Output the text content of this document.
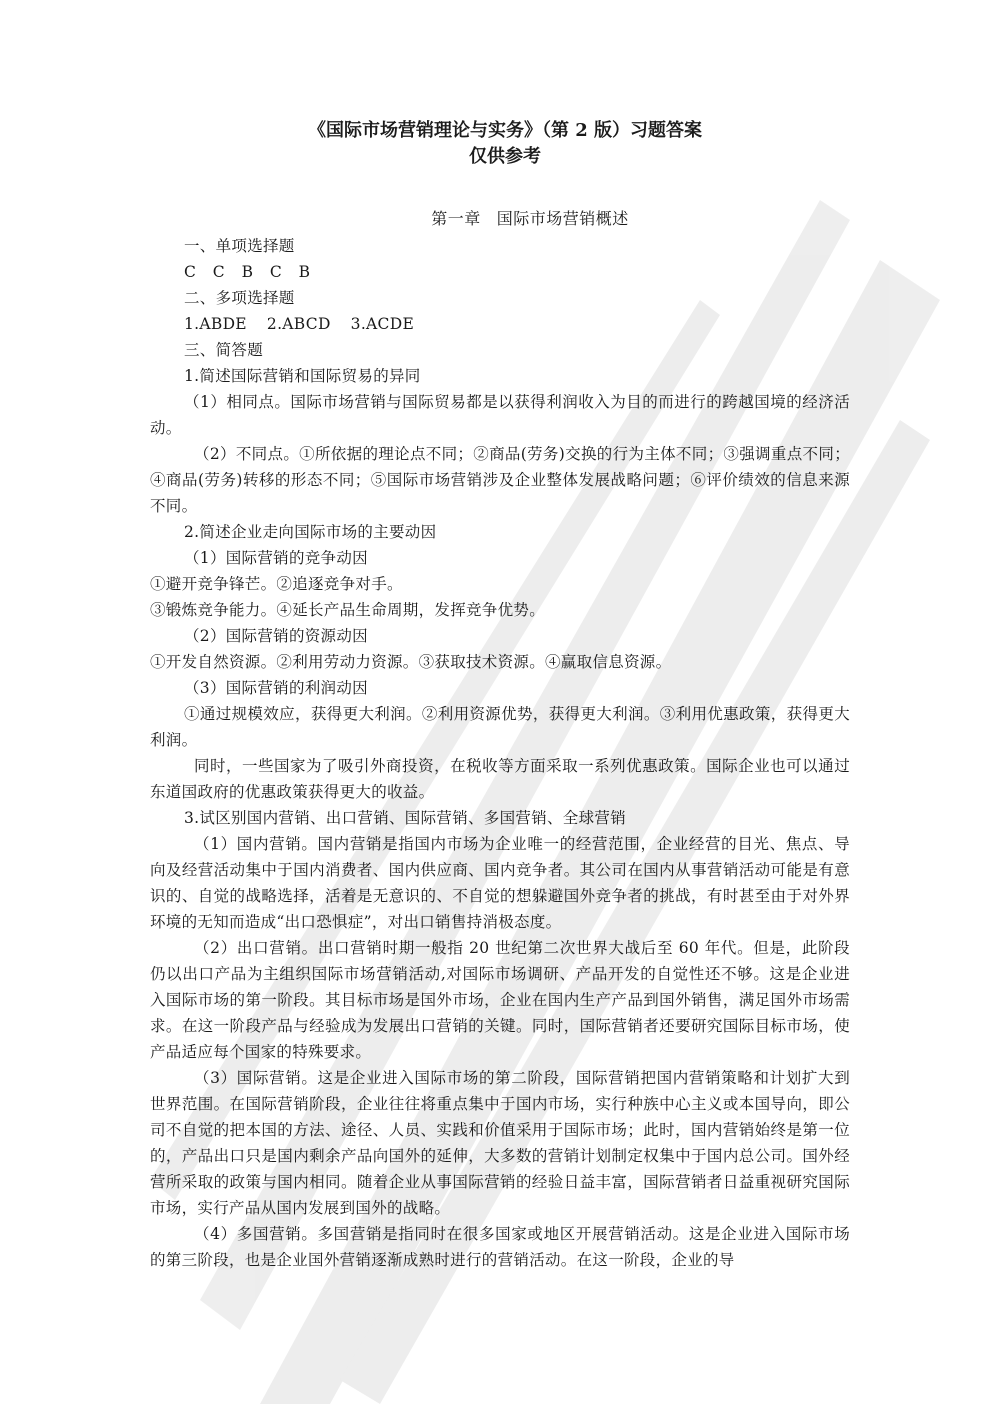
《国际市场营销理论与实务》（第 2 版）习题答案
仅供参考
第一章 国际市场营销概述
一、单项选择题
C C B C B
二、多项选择题
1.ABDE 2.ABCD 3.ACDE
三、简答题
1.简述国际营销和国际贸易的异同
（1）相同点。国际市场营销与国际贸易都是以获得利润收入为目的而进行的跨越国境的经济活动。
（2）不同点。①所依据的理论点不同；②商品(劳务)交换的行为主体不同；③强调重点不同；④商品(劳务)转移的形态不同；⑤国际市场营销涉及企业整体发展战略问题；⑥评价绩效的信息来源不同。
2.简述企业走向国际市场的主要动因
（1）国际营销的竞争动因
①避开竞争锋芒。②追逐竞争对手。
③锻炼竞争能力。④延长产品生命周期，发挥竞争优势。
（2）国际营销的资源动因
①开发自然资源。②利用劳动力资源。③获取技术资源。④赢取信息资源。
（3）国际营销的利润动因
①通过规模效应，获得更大利润。②利用资源优势，获得更大利润。③利用优惠政策，获得更大利润。
同时，一些国家为了吸引外商投资，在税收等方面采取一系列优惠政策。国际企业也可以通过东道国政府的优惠政策获得更大的收益。
3.试区别国内营销、出口营销、国际营销、多国营销、全球营销
（1）国内营销。国内营销是指国内市场为企业唯一的经营范围，企业经营的目光、焦点、导向及经营活动集中于国内消费者、国内供应商、国内竞争者。其公司在国内从事营销活动可能是有意识的、自觉的战略选择，活着是无意识的、不自觉的想躲避国外竞争者的挑战，有时甚至由于对外界环境的无知而造成“出口恐惧症”，对出口销售持消极态度。
（2）出口营销。出口营销时期一般指 20 世纪第二次世界大战后至 60 年代。但是，此阶段仍以出口产品为主组织国际市场营销活动,对国际市场调研、产品开发的自觉性还不够。这是企业进入国际市场的第一阶段。其目标市场是国外市场，企业在国内生产产品到国外销售，满足国外市场需求。在这一阶段产品与经验成为发展出口营销的关键。同时，国际营销者还要研究国际目标市场，使产品适应每个国家的特殊要求。
（3）国际营销。这是企业进入国际市场的第二阶段，国际营销把国内营销策略和计划扩大到世界范围。在国际营销阶段，企业往往将重点集中于国内市场，实行种族中心主义或本国导向，即公司不自觉的把本国的方法、途径、人员、实践和价值采用于国际市场；此时，国内营销始终是第一位的，产品出口只是国内剩余产品向国外的延伸，大多数的营销计划制定权集中于国内总公司。国外经营所采取的政策与国内相同。随着企业从事国际营销的经验日益丰富，国际营销者日益重视研究国际市场，实行产品从国内发展到国外的战略。
（4）多国营销。多国营销是指同时在很多国家或地区开展营销活动。这是企业进入国际市场的第三阶段，也是企业国外营销逐渐成熟时进行的营销活动。在这一阶段，企业的导
